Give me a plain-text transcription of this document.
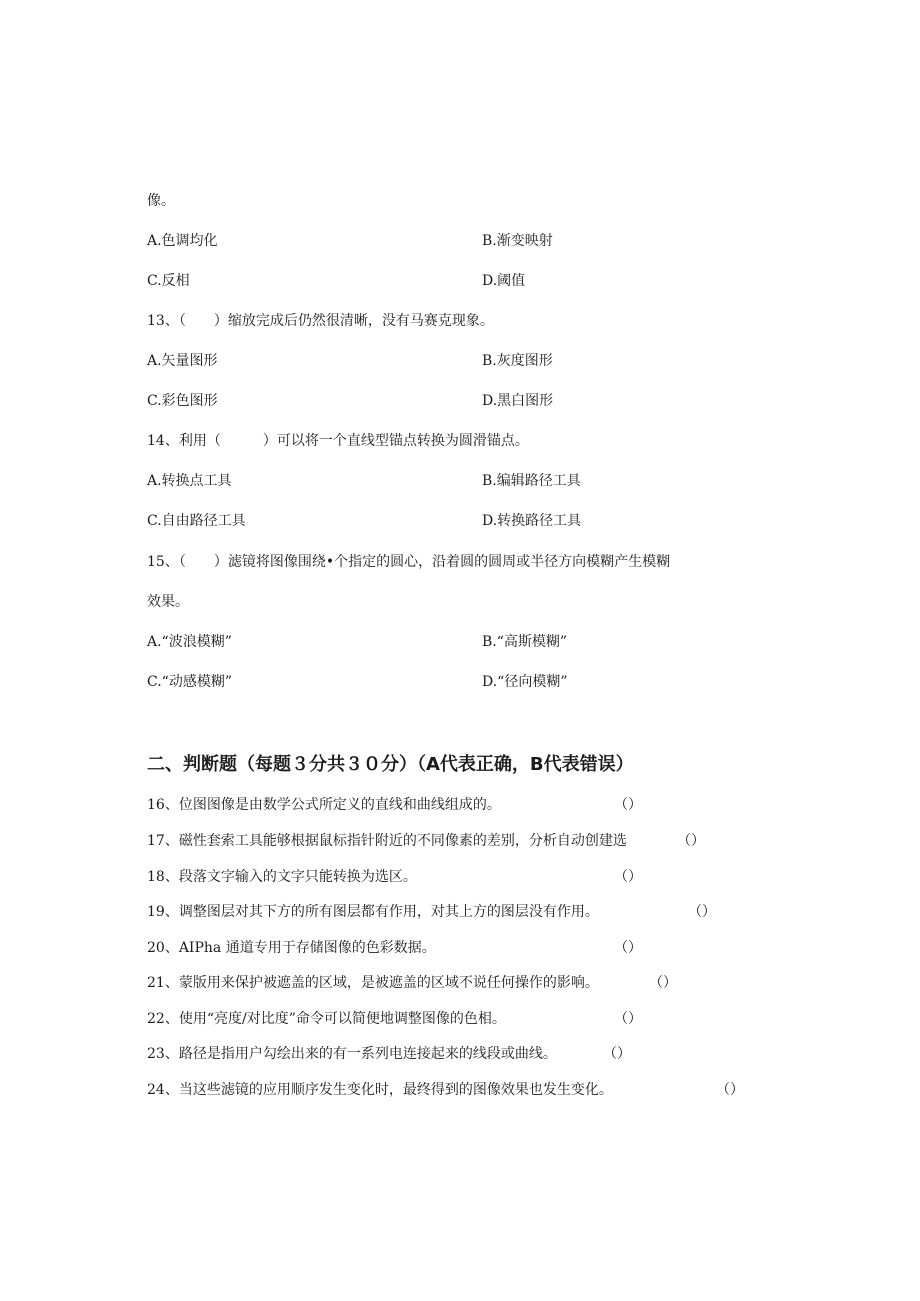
像。
A.色调均化	B.渐变映射
C.反相	D.阈值
13、（　　）缩放完成后仍然很清晰，没有马赛克现象。
A.矢量图形	B.灰度图形
C.彩色图形	D.黑白图形
14、利用（　　　）可以将一个直线型锚点转换为圆滑锚点。
A.转换点工具	B.编辑路径工具
C.自由路径工具	D.转换路径工具
15、（　　）滤镜将图像围绕•个指定的圆心，沿着圆的圆周或半径方向模糊产生模糊
效果。
A.“波浪模糊”	B.“高斯模糊”
C.“动感模糊”	D.“径向模糊”
二、判断题（每题３分共３０分）（A代表正确，B代表错误）
16、位图图像是由数学公式所定义的直线和曲线组成的。	（）
17、磁性套索工具能够根据鼠标指针附近的不同像素的差别，分析自动创建选	（）
18、段落文字输入的文字只能转换为选区。	（）
19、调整图层对其下方的所有图层都有作用，对其上方的图层没有作用。	（）
20、AIPha 通道专用于存储图像的色彩数据。	（）
21、蒙版用来保护被遮盖的区域，是被遮盖的区域不说任何操作的影响。	（）
22、使用“亮度/对比度”命令可以简便地调整图像的色相。	（）
23、路径是指用户勾绘出来的有一系列电连接起来的线段或曲线。	（）
24、当这些滤镜的应用顺序发生变化时，最终得到的图像效果也发生变化。	（）
